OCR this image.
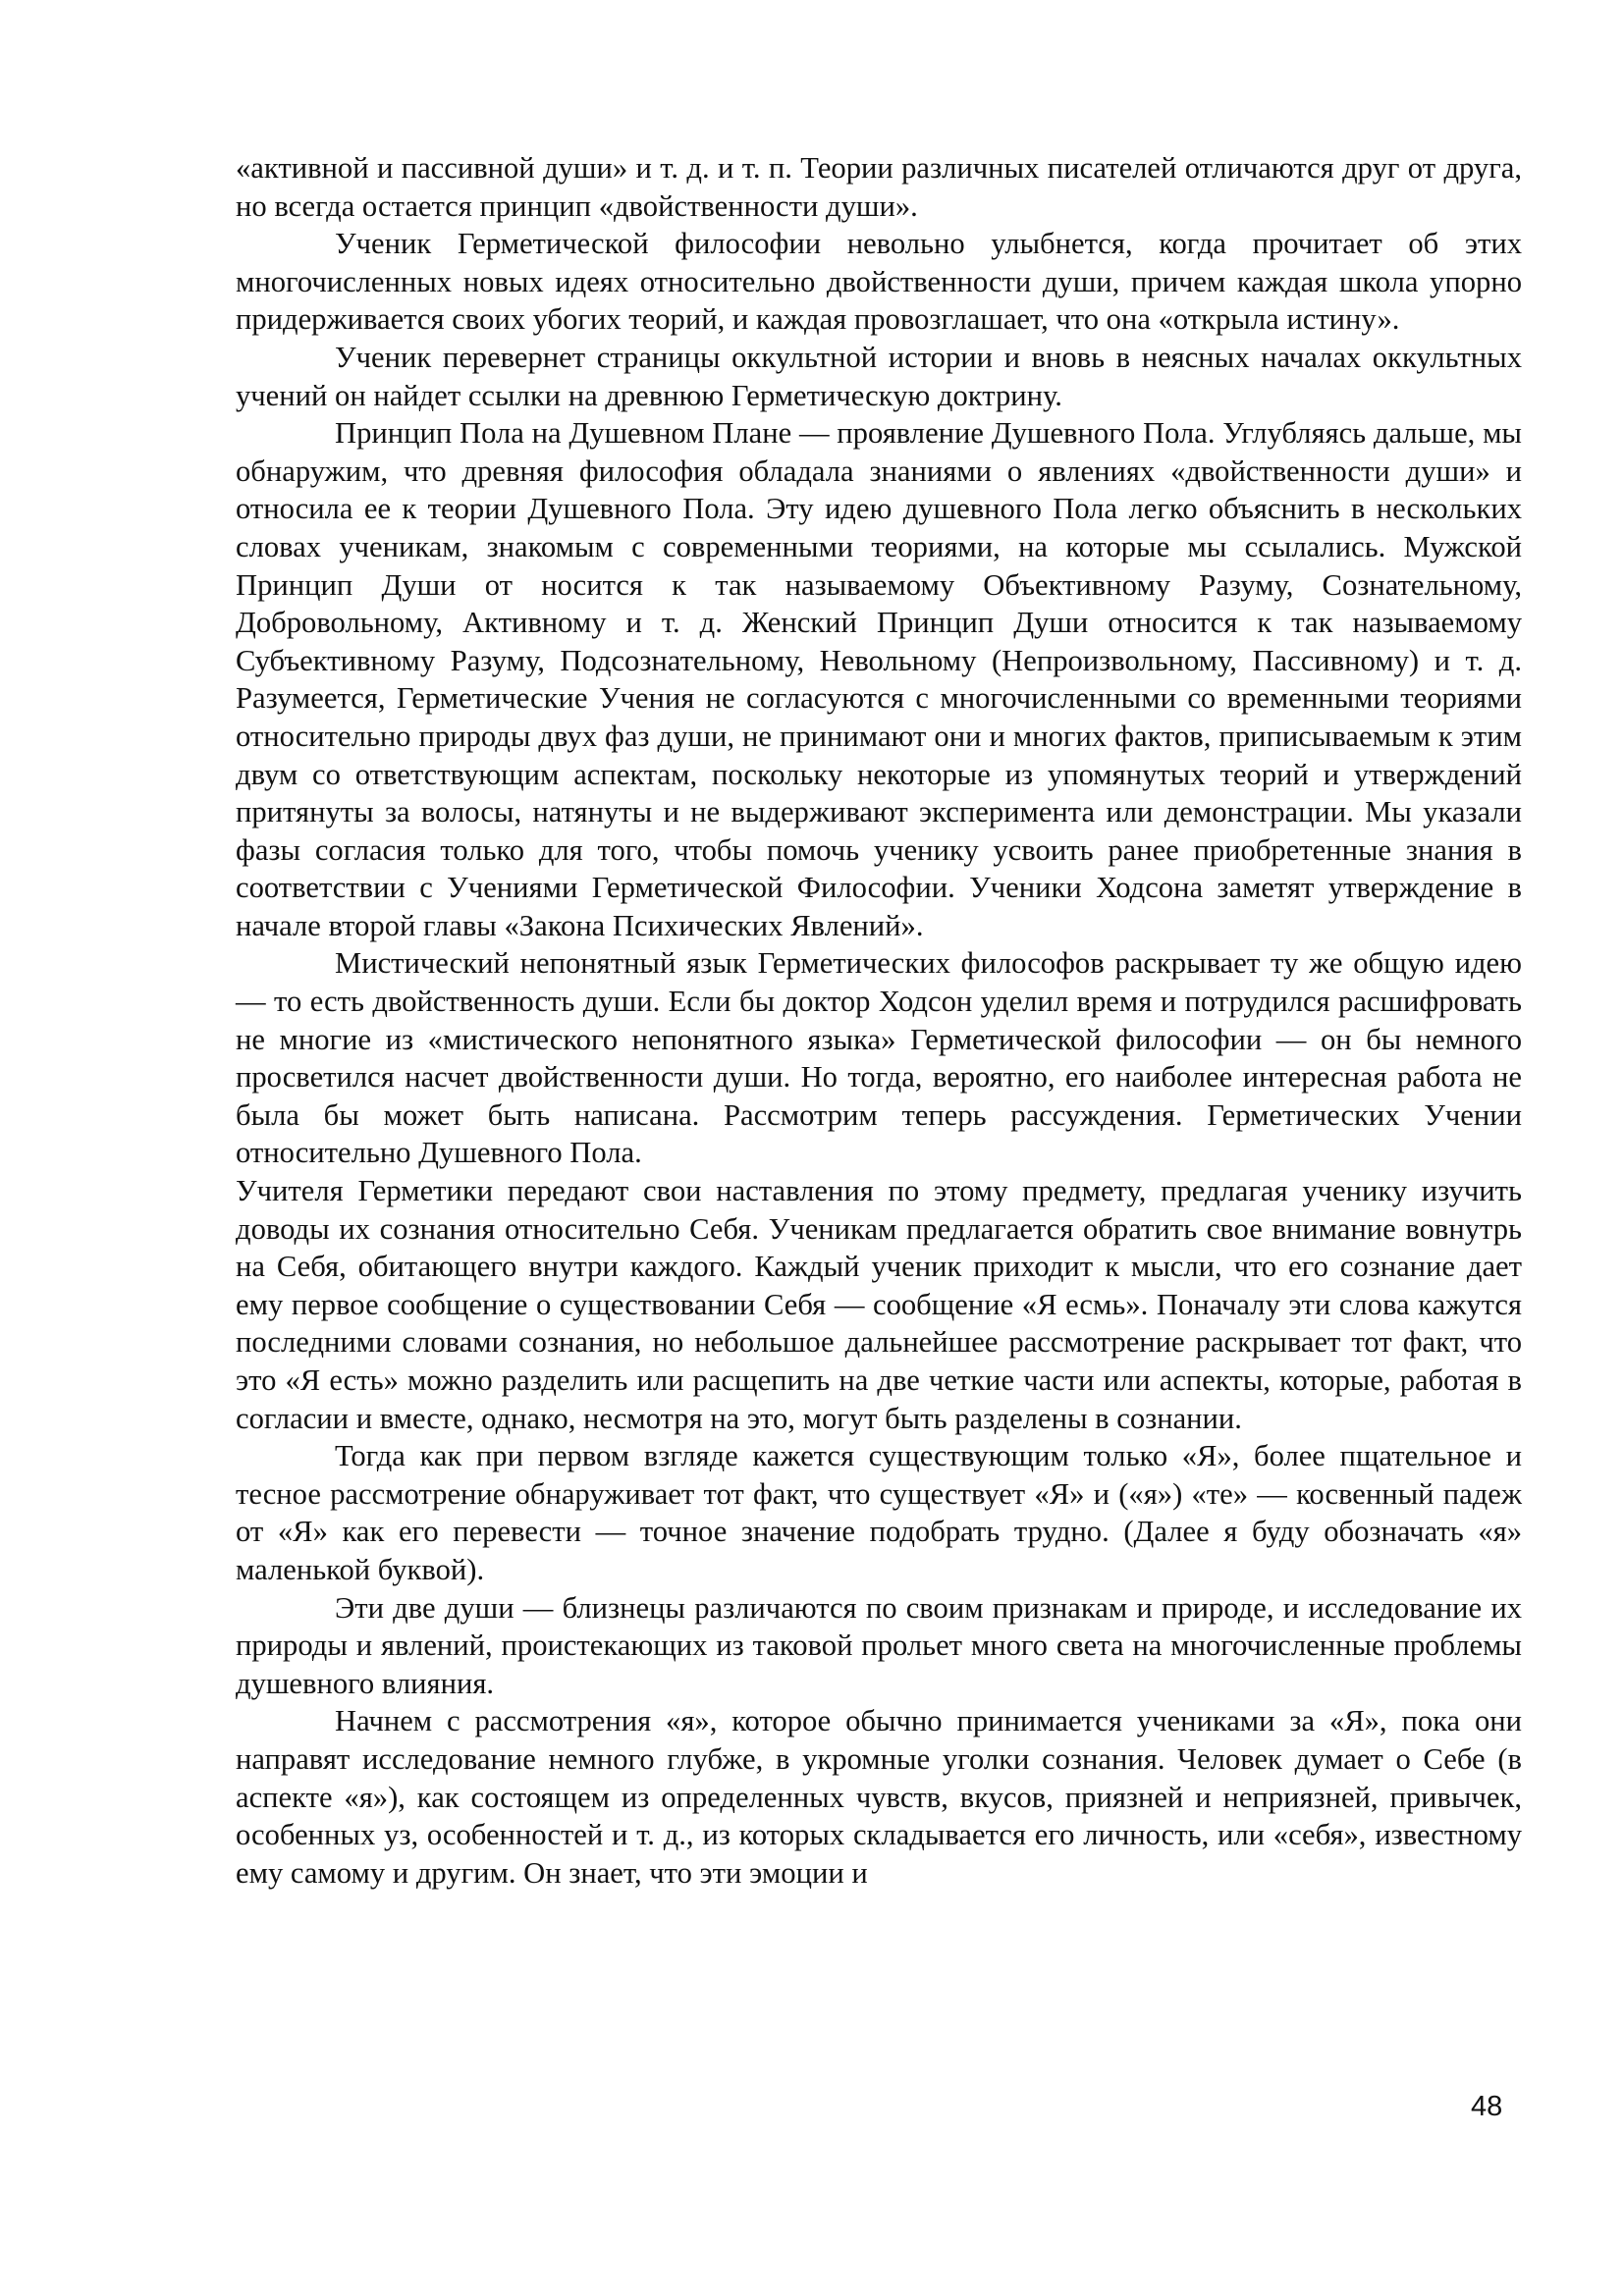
«активной и пассивной души» и т. д. и т. п. Теории различных писателей отличаются друг от друга, но всегда остается принцип «двойственности души».

Ученик Герметической философии невольно улыбнется, когда прочитает об этих многочисленных новых идеях относительно двойственности души, причем каждая школа упорно придерживается своих убогих теорий, и каждая провозглашает, что она «открыла истину».

Ученик перевернет страницы оккультной истории и вновь в неясных началах оккультных учений он найдет ссылки на древнюю Герметическую доктрину.

Принцип Пола на Душевном Плане — проявление Душевного Пола. Углубляясь дальше, мы обнаружим, что древняя философия обладала знаниями о явлениях «двойственности души» и относила ее к теории Душевного Пола. Эту идею душевного Пола легко объяснить в нескольких словах ученикам, знакомым с современными теориями, на которые мы ссылались. Мужской Принцип Души от носится к так называемому Объективному Разуму, Сознательному, Добровольному, Активному и т. д. Женский Принцип Души относится к так называемому Субъективному Разуму, Подсознательному, Невольному (Непроизвольному, Пассивному) и т. д. Разумеется, Герметические Учения не согласуются с многочисленными со временными теориями относительно природы двух фаз души, не принимают они и многих фактов, приписываемым к этим двум со ответствующим аспектам, поскольку некоторые из упомянутых теорий и утверждений притянуты за волосы, натянуты и не выдерживают эксперимента или демонстрации. Мы указали фазы согласия только для того, чтобы помочь ученику усвоить ранее приобретенные знания в соответствии с Учениями Герметической Философии. Ученики Ходсона заметят утверждение в начале второй главы «Закона Психических Явлений».

Мистический непонятный язык Герметических философов раскрывает ту же общую идею — то есть двойственность души. Если бы доктор Ходсон уделил время и потрудился расшифровать не многие из «мистического непонятного языка» Герметической философии — он бы немного просветился насчет двойственности души. Но тогда, вероятно, его наиболее интересная работа не была бы может быть написана. Рассмотрим теперь рассуждения. Герметических Учении относительно Душевного Пола.

Учителя Герметики передают свои наставления по этому предмету, предлагая ученику изучить доводы их сознания относительно Себя. Ученикам предлагается обратить свое внимание вовнутрь на Себя, обитающего внутри каждого. Каждый ученик приходит к мысли, что его сознание дает ему первое сообщение о существовании Себя — сообщение «Я есмь». Поначалу эти слова кажутся последними словами сознания, но небольшое дальнейшее рассмотрение раскрывает тот факт, что это «Я есть» можно разделить или расщепить на две четкие части или аспекты, которые, работая в согласии и вместе, однако, несмотря на это, могут быть разделены в сознании.

Тогда как при первом взгляде кажется существующим только «Я», более пщательное и тесное рассмотрение обнаруживает тот факт, что существует «Я» и («я») «те» — косвенный падеж от «Я» как его перевести — точное значение подобрать трудно. (Далее я буду обозначать «я» маленькой буквой).

Эти две души — близнецы различаются по своим признакам и природе, и исследование их природы и явлений, проистекающих из таковой прольет много света на многочисленные проблемы душевного влияния.

Начнем с рассмотрения «я», которое обычно принимается учениками за «Я», пока они направят исследование немного глубже, в укромные уголки сознания. Человек думает о Себе (в аспекте «я»), как состоящем из определенных чувств, вкусов, приязней и неприязней, привычек, особенных уз, особенностей и т. д., из которых складывается его личность, или «себя», известному ему самому и другим. Он знает, что эти эмоции и

48
